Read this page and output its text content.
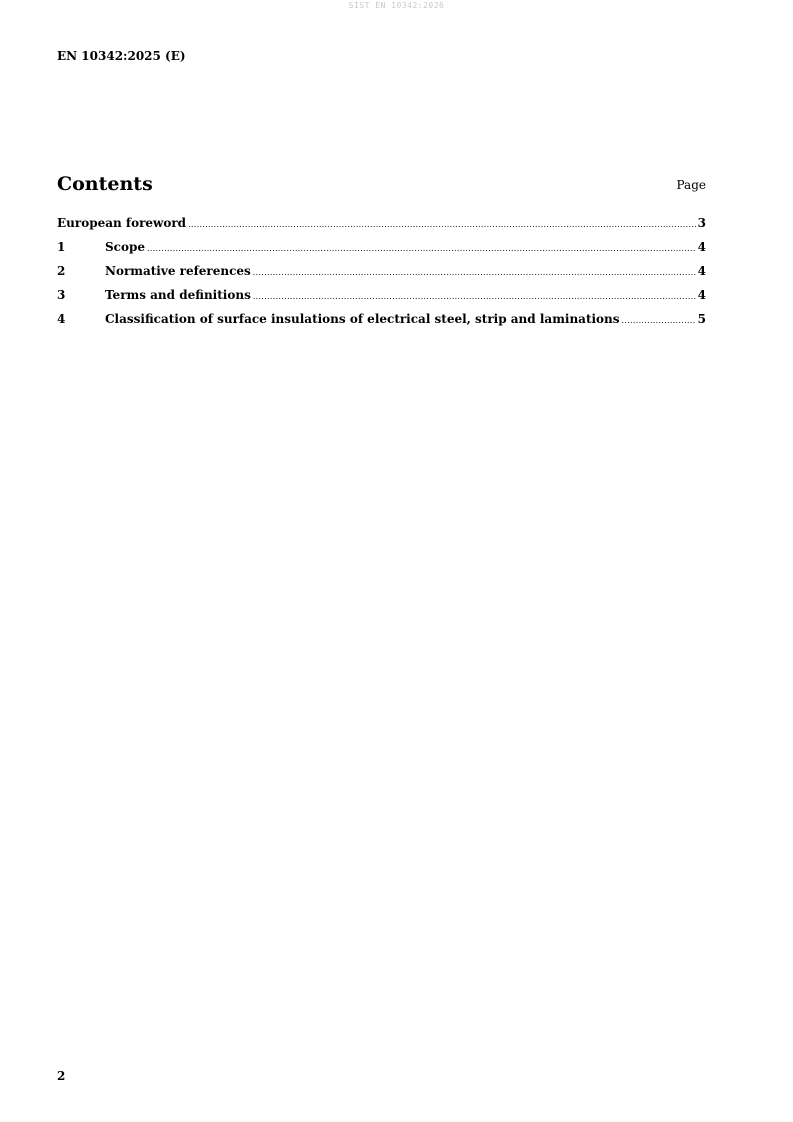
SIST EN 10342:2026
EN 10342:2025 (E)
Contents	Page
European foreword .....	3
1	Scope .....	4
2	Normative references .....	4
3	Terms and definitions .....	4
4	Classification of surface insulations of electrical steel, strip and laminations .....	5
2
